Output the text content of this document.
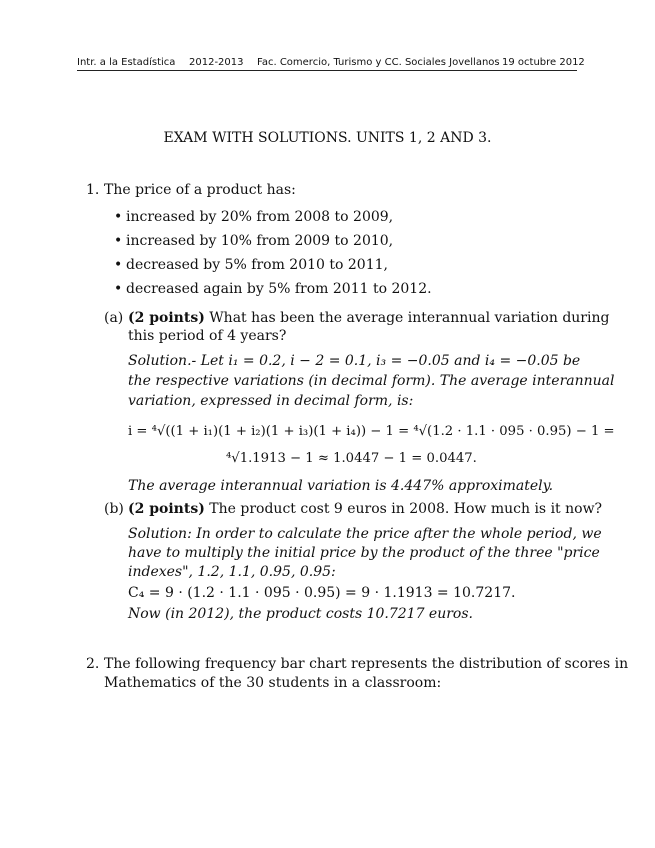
Intr. a la Estadística 2012-2013 Fac. Comercio, Turismo y CC. Sociales Jovellanos 19 octubre 2012
EXAM WITH SOLUTIONS. UNITS 1, 2 AND 3.
1. The price of a product has:
• increased by 20% from 2008 to 2009,
• increased by 10% from 2009 to 2010,
• decreased by 5% from 2010 to 2011,
• decreased again by 5% from 2011 to 2012.
(a) (2 points) What has been the average interannual variation during
this period of 4 years?
Solution.- Let i₁ = 0.2, i − 2 = 0.1, i₃ = −0.05 and i₄ = −0.05 be
the respective variations (in decimal form). The average interannual
variation, expressed in decimal form, is:
i = ⁴√((1 + i₁)(1 + i₂)(1 + i₃)(1 + i₄)) − 1 = ⁴√(1.2 · 1.1 · 095 · 0.95) − 1 =
⁴√1.1913 − 1 ≈ 1.0447 − 1 = 0.0447.
The average interannual variation is 4.447% approximately.
(b) (2 points) The product cost 9 euros in 2008. How much is it now?
Solution: In order to calculate the price after the whole period, we
have to multiply the initial price by the product of the three "price
indexes", 1.2, 1.1, 0.95, 0.95:
C₄ = 9 · (1.2 · 1.1 · 095 · 0.95) = 9 · 1.1913 = 10.7217.
Now (in 2012), the product costs 10.7217 euros.
2. The following frequency bar chart represents the distribution of scores in
Mathematics of the 30 students in a classroom:
